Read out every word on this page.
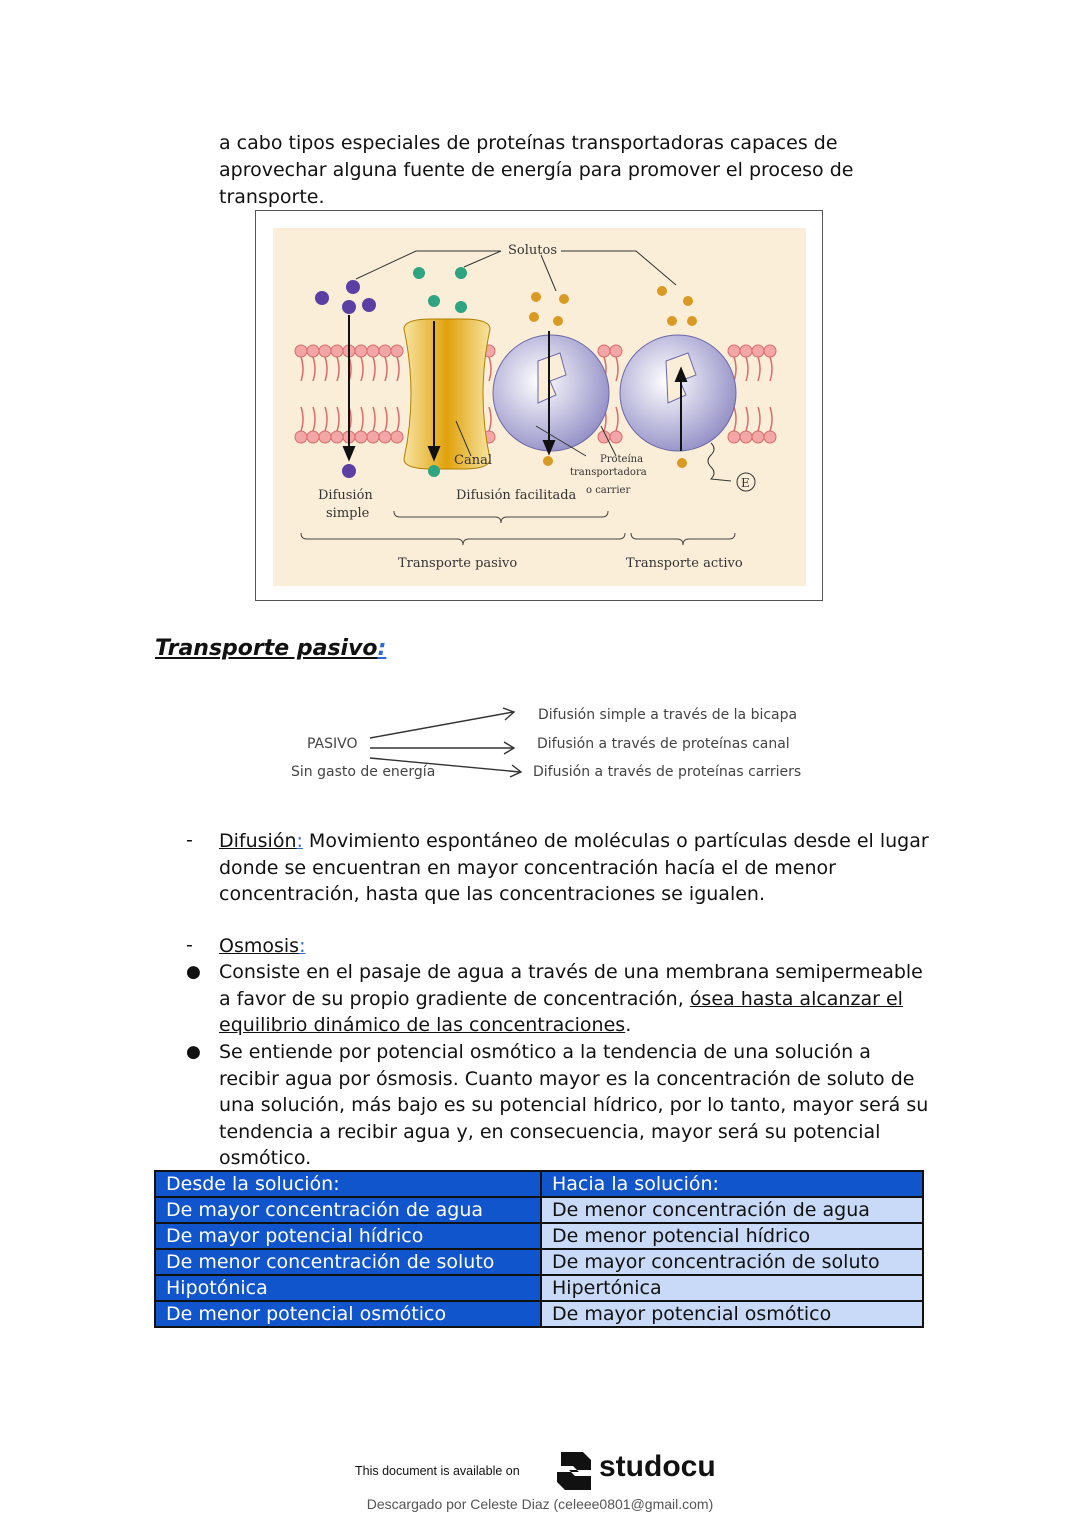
a cabo tipos especiales de proteínas transportadoras capaces de aprovechar alguna fuente de energía para promover el proceso de transporte.

Solutos
Canal
Difusión
simple
Difusión facilitada
Proteína
transportadora
o carrier
E
Transporte pasivo	Transporte activo
Transporte pasivo:
PASIVO
Sin gasto de energía
Difusión simple a través de la bicapa
Difusión a través de proteínas canal
Difusión a través de proteínas carriers
- Difusión: Movimiento espontáneo de moléculas o partículas desde el lugar donde se encuentran en mayor concentración hacía el de menor concentración, hasta que las concentraciones se igualen.

- Osmosis:

● Consiste en el pasaje de agua a través de una membrana semipermeable a favor de su propio gradiente de concentración, ósea hasta alcanzar el equilibrio dinámico de las concentraciones.

● Se entiende por potencial osmótico a la tendencia de una solución a recibir agua por ósmosis. Cuanto mayor es la concentración de soluto de una solución, más bajo es su potencial hídrico, por lo tanto, mayor será su tendencia a recibir agua y, en consecuencia, mayor será su potencial osmótico.

Desde la solución:	Hacia la solución:
De mayor concentración de agua	De menor concentración de agua
De mayor potencial hídrico	De menor potencial hídrico
De menor concentración de soluto	De mayor concentración de soluto
Hipotónica	Hipertónica
De menor potencial osmótico	De mayor potencial osmótico
This document is available on	studocu
Descargado por Celeste Diaz (celeee0801@gmail.com)
